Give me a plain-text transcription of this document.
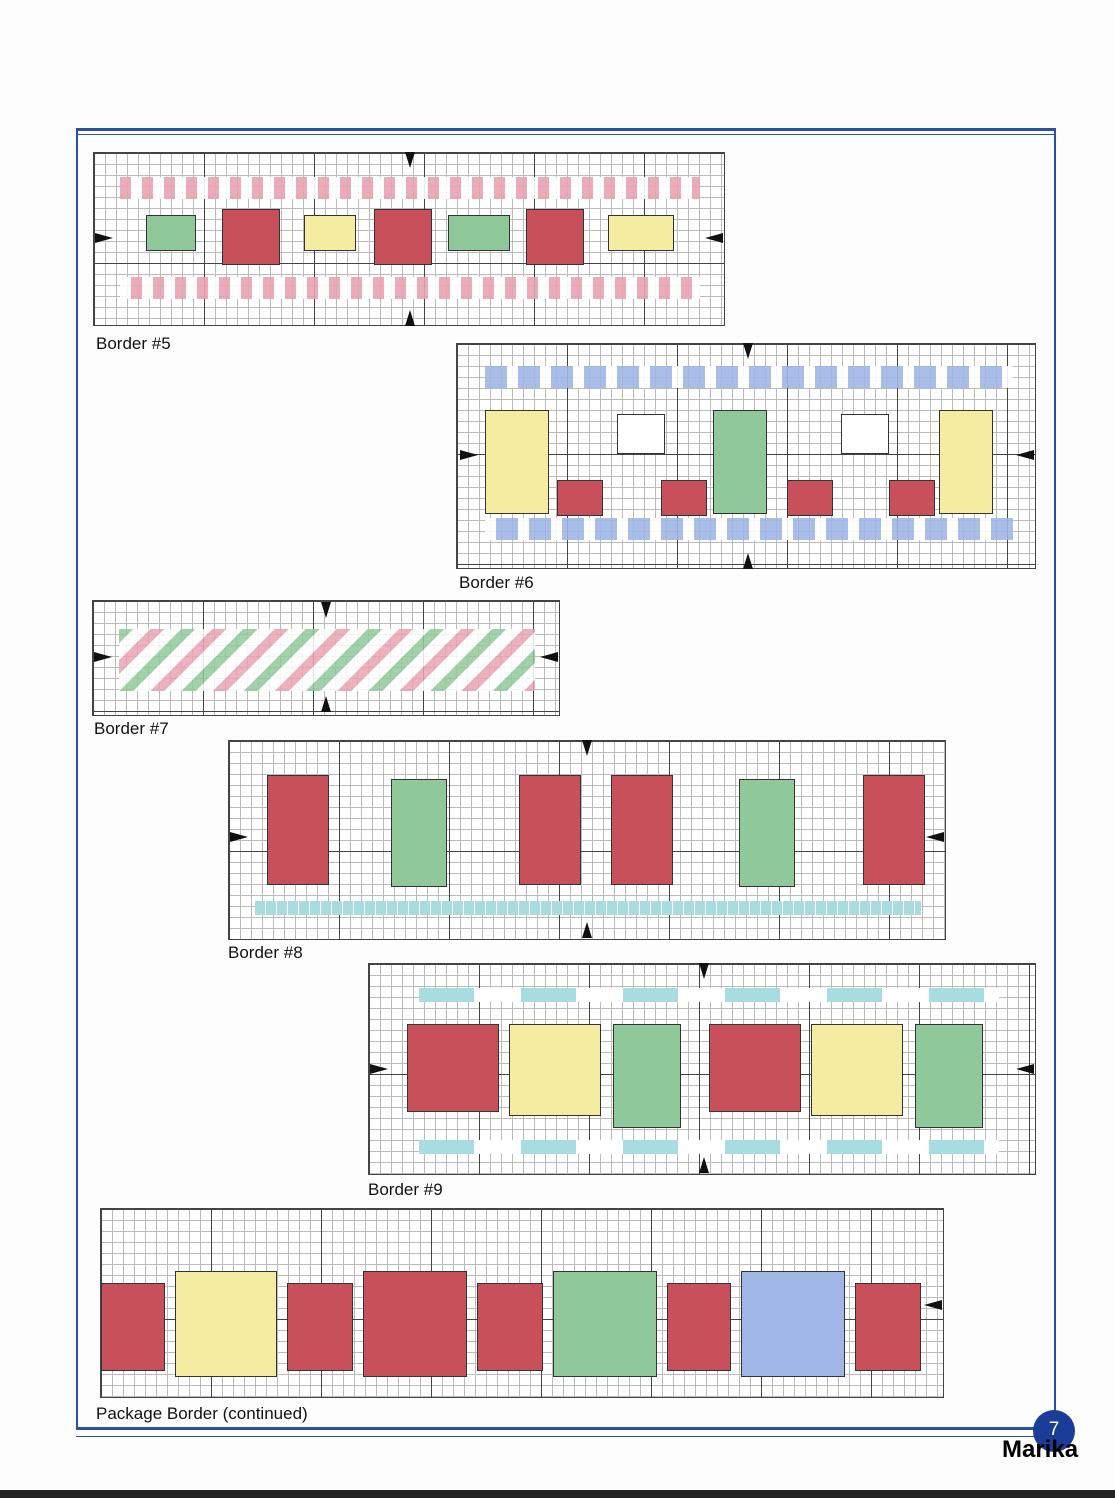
Border #5
Border #6
Border #7
Border #8
Border #9
Package Border (continued)
7
Marika
